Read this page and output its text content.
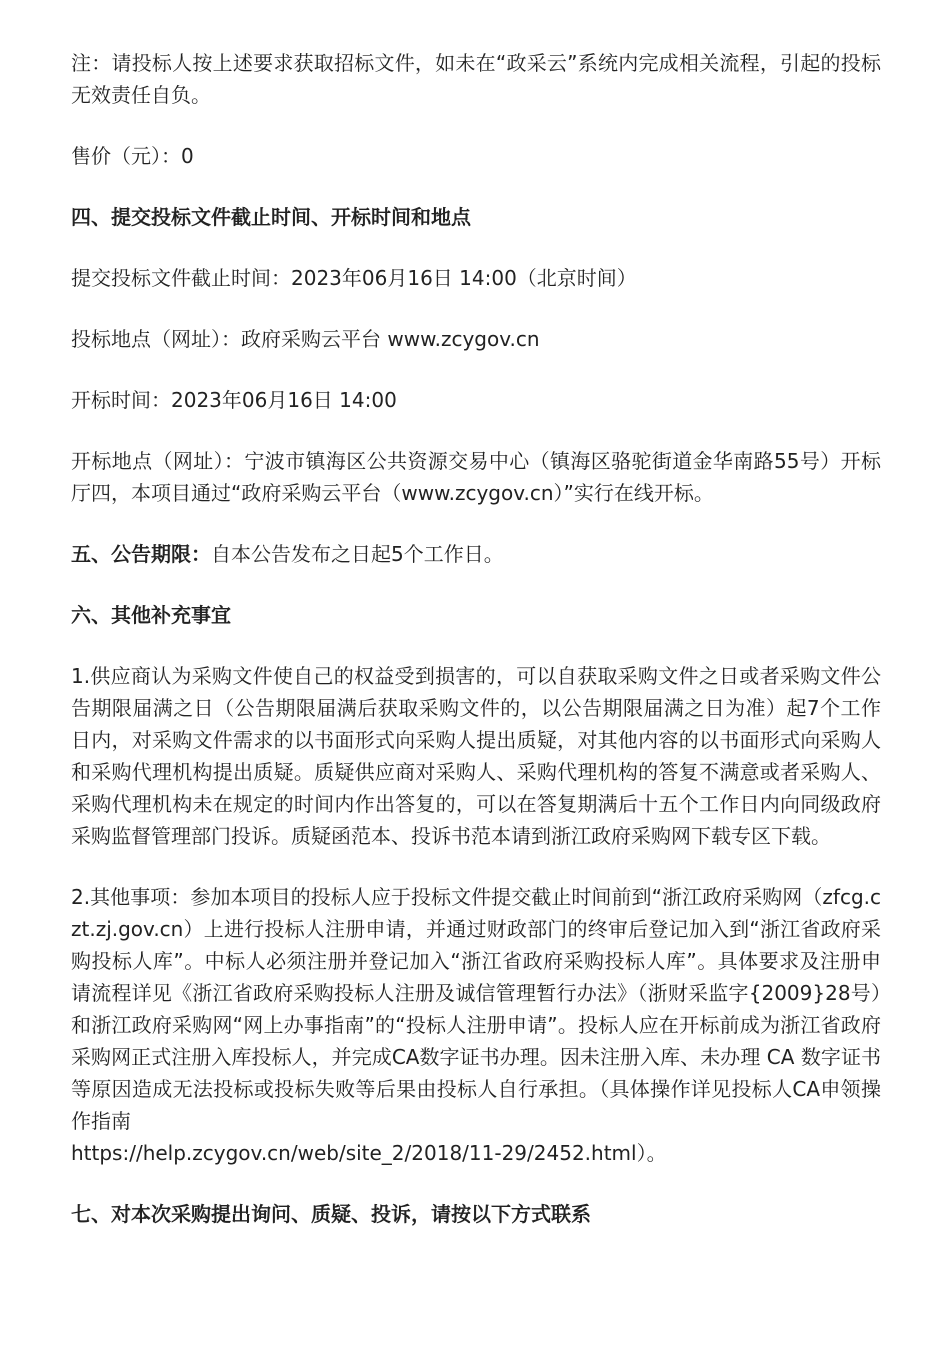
注：请投标人按上述要求获取招标文件，如未在“政采云”系统内完成相关流程，引起的投标无效责任自负。

售价（元）：0

四、提交投标文件截止时间、开标时间和地点

提交投标文件截止时间：2023年06月16日 14:00（北京时间）

投标地点（网址）：政府采购云平台 www.zcygov.cn

开标时间：2023年06月16日 14:00

开标地点（网址）：宁波市镇海区公共资源交易中心（镇海区骆驼街道金华南路55号）开标厅四，本项目通过“政府采购云平台（www.zcygov.cn）”实行在线开标。

五、公告期限：自本公告发布之日起5个工作日。

六、其他补充事宜

1.供应商认为采购文件使自己的权益受到损害的，可以自获取采购文件之日或者采购文件公告期限届满之日（公告期限届满后获取采购文件的，以公告期限届满之日为准）起7个工作日内，对采购文件需求的以书面形式向采购人提出质疑，对其他内容的以书面形式向采购人和采购代理机构提出质疑。质疑供应商对采购人、采购代理机构的答复不满意或者采购人、采购代理机构未在规定的时间内作出答复的，可以在答复期满后十五个工作日内向同级政府采购监督管理部门投诉。质疑函范本、投诉书范本请到浙江政府采购网下载专区下载。

2.其他事项：参加本项目的投标人应于投标文件提交截止时间前到“浙江政府采购网（zfcg.czt.zj.gov.cn）上进行投标人注册申请，并通过财政部门的终审后登记加入到“浙江省政府采购投标人库”。中标人必须注册并登记加入“浙江省政府采购投标人库”。具体要求及注册申请流程详见《浙江省政府采购投标人注册及诚信管理暂行办法》（浙财采监字{2009}28号）和浙江政府采购网“网上办事指南”的“投标人注册申请”。投标人应在开标前成为浙江省政府采购网正式注册入库投标人，并完成CA数字证书办理。因未注册入库、未办理 CA 数字证书等原因造成无法投标或投标失败等后果由投标人自行承担。（具体操作详见投标人CA申领操作指南
https://help.zcygov.cn/web/site_2/2018/11-29/2452.html）。

七、对本次采购提出询问、质疑、投诉，请按以下方式联系
